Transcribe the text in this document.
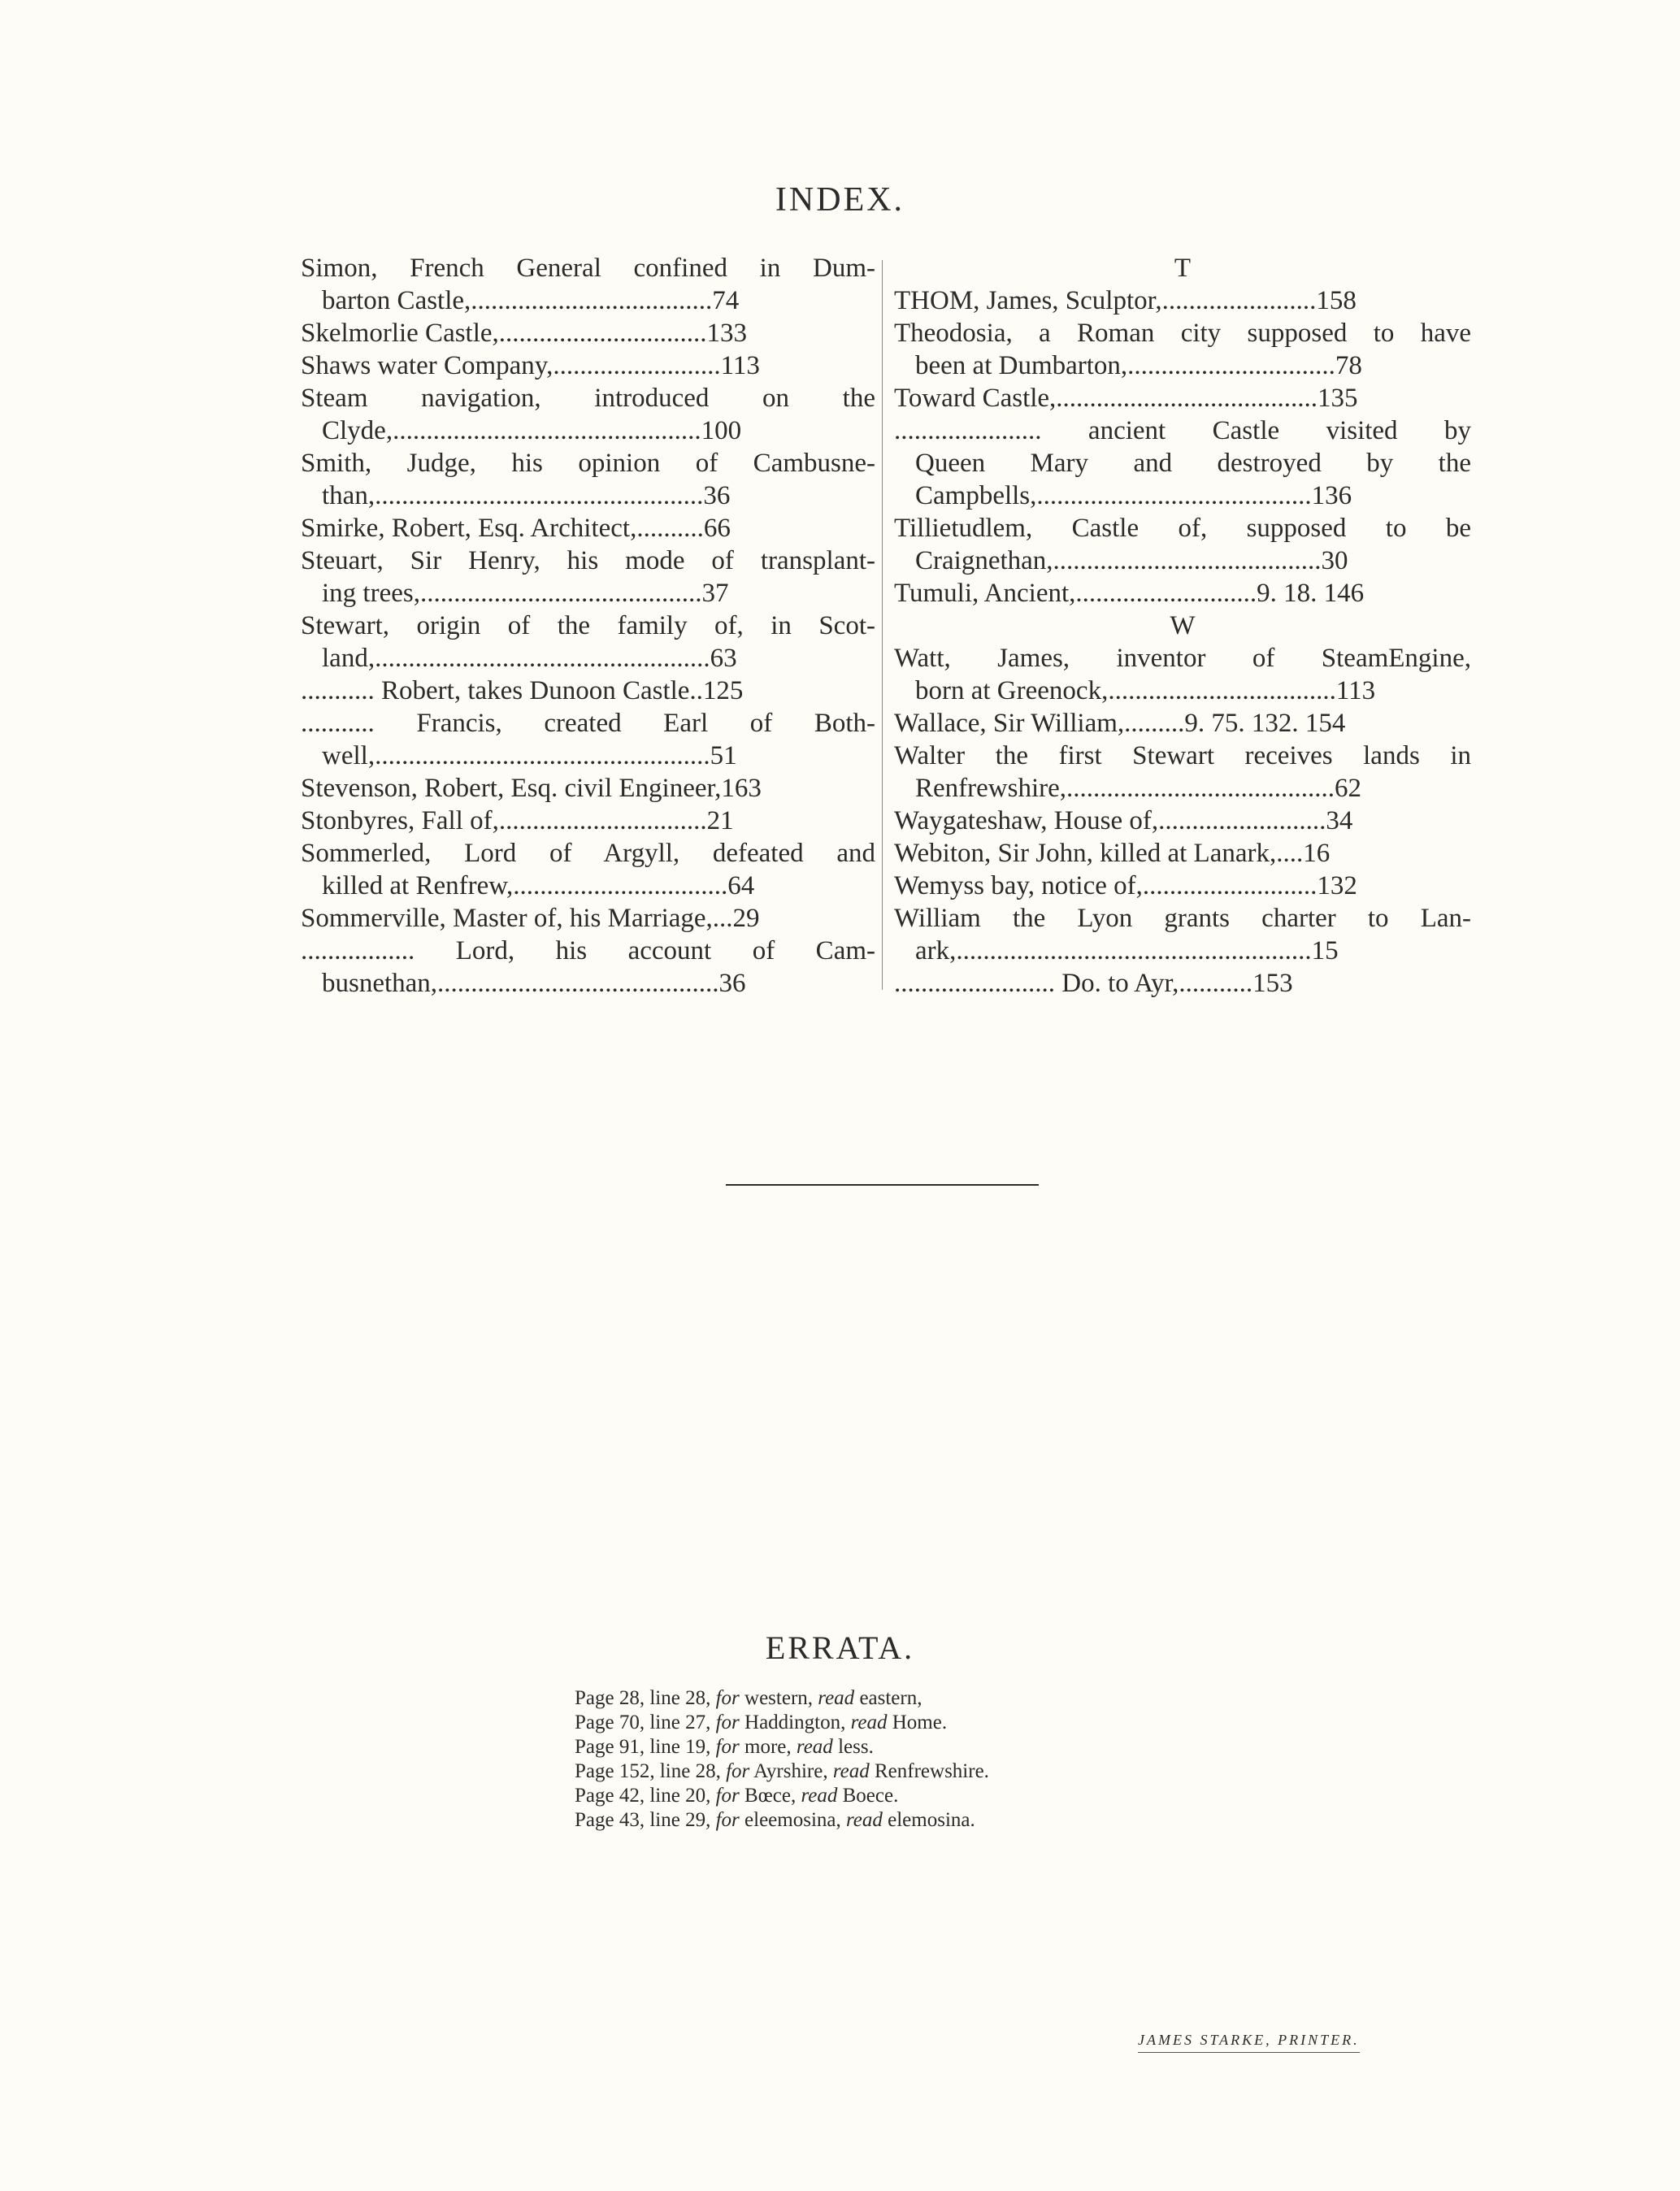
INDEX.

Simon, French General confined in Dum-

barton Castle,....................................74

Skelmorlie Castle,...............................133

Shaws water Company,.........................113

Steam navigation, introduced on the

Clyde,..............................................100

Smith, Judge, his opinion of Cambusne-

than,.................................................36

Smirke, Robert, Esq. Architect,..........66

Steuart, Sir Henry, his mode of transplant-

ing trees,..........................................37

Stewart, origin of the family of, in Scot-

land,..................................................63

........... Robert, takes Dunoon Castle..125

........... Francis, created Earl of Both-

well,..................................................51

Stevenson, Robert, Esq. civil Engineer,163

Stonbyres, Fall of,...............................21

Sommerled, Lord of Argyll, defeated and

killed at Renfrew,................................64

Sommerville, Master of, his Marriage,...29

................. Lord, his account of Cam-

busnethan,..........................................36

T

THOM, James, Sculptor,.......................158

Theodosia, a Roman city supposed to have

been at Dumbarton,...............................78

Toward Castle,.......................................135

...................... ancient Castle visited by

Queen Mary and destroyed by the

Campbells,.........................................136

Tillietudlem, Castle of, supposed to be

Craignethan,........................................30

Tumuli, Ancient,...........................9. 18. 146

W

Watt, James, inventor of SteamEngine,

born at Greenock,..................................113

Wallace, Sir William,.........9. 75. 132. 154

Walter the first Stewart receives lands in

Renfrewshire,........................................62

Waygateshaw, House of,.........................34

Webiton, Sir John, killed at Lanark,....16

Wemyss bay, notice of,..........................132

William the Lyon grants charter to Lan-

ark,.....................................................15

........................ Do. to Ayr,...........153

ERRATA.

Page 28, line 28, for western, read eastern,

Page 70, line 27, for Haddington, read Home.

Page 91, line 19, for more, read less.

Page 152, line 28, for Ayrshire, read Renfrewshire.

Page 42, line 20, for Bœce, read Boece.

Page 43, line 29, for eleemosina, read elemosina.

JAMES STARKE, PRINTER.
